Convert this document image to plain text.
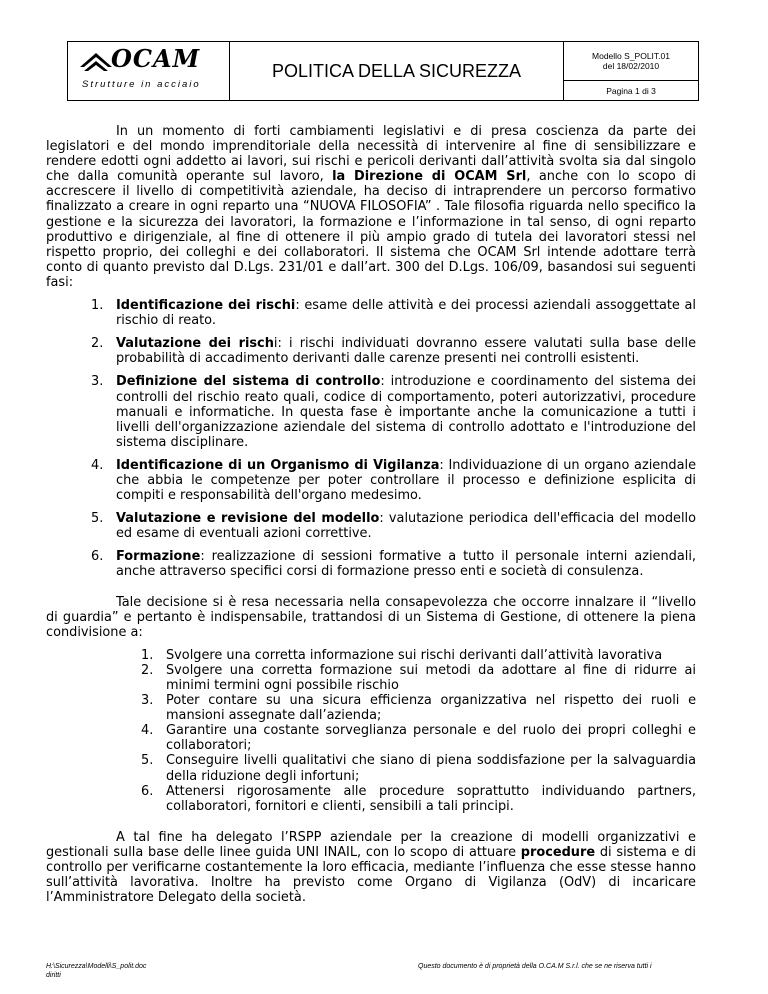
OCAM
Strutture in acciaio
POLITICA DELLA SICUREZZA
Modello S_POLIT.01
del 18/02/2010
Pagina 1 di 3

In un momento di forti cambiamenti legislativi e di presa coscienza da parte dei legislatori e del mondo imprenditoriale della necessità di intervenire al fine di sensibilizzare e rendere edotti ogni addetto ai lavori, sui rischi e pericoli derivanti dall’attività svolta sia dal singolo che dalla comunità operante sul lavoro, la Direzione di OCAM Srl, anche con lo scopo di accrescere il livello di competitività aziendale, ha deciso di intraprendere un percorso formativo finalizzato a creare in ogni reparto una “NUOVA FILOSOFIA” . Tale filosofia riguarda nello specifico la gestione e la sicurezza dei lavoratori, la formazione e l’informazione in tal senso, di ogni reparto produttivo e dirigenziale, al fine di ottenere il più ampio grado di tutela dei lavoratori stessi nel rispetto proprio, dei colleghi e dei collaboratori. Il sistema che OCAM Srl intende adottare terrà conto di quanto previsto dal D.Lgs. 231/01 e dall’art. 300 del D.Lgs. 106/09, basandosi sui seguenti fasi:

1. Identificazione dei rischi: esame delle attività e dei processi aziendali assoggettate al rischio di reato.
2. Valutazione dei rischi: i rischi individuati dovranno essere valutati sulla base delle probabilità di accadimento derivanti dalle carenze presenti nei controlli esistenti.
3. Definizione del sistema di controllo: introduzione e coordinamento del sistema dei controlli del rischio reato quali, codice di comportamento, poteri autorizzativi, procedure manuali e informatiche. In questa fase è importante anche la comunicazione a tutti i livelli dell'organizzazione aziendale del sistema di controllo adottato e l'introduzione del sistema disciplinare.
4. Identificazione di un Organismo di Vigilanza: Individuazione di un organo aziendale che abbia le competenze per poter controllare il processo e definizione esplicita di compiti e responsabilità dell'organo medesimo.
5. Valutazione e revisione del modello: valutazione periodica dell'efficacia del modello ed esame di eventuali azioni correttive.
6. Formazione: realizzazione di sessioni formative a tutto il personale interni aziendali, anche attraverso specifici corsi di formazione presso enti e società di consulenza.

Tale decisione si è resa necessaria nella consapevolezza che occorre innalzare il “livello di guardia” e pertanto è indispensabile, trattandosi di un Sistema di Gestione, di ottenere la piena condivisione a:

1. Svolgere una corretta informazione sui rischi derivanti dall’attività lavorativa
2. Svolgere una corretta formazione sui metodi da adottare al fine di ridurre ai minimi termini ogni possibile rischio
3. Poter contare su una sicura efficienza organizzativa nel rispetto dei ruoli e mansioni assegnate dall’azienda;
4. Garantire una costante sorveglianza personale e del ruolo dei propri colleghi e collaboratori;
5. Conseguire livelli qualitativi che siano di piena soddisfazione per la salvaguardia della riduzione degli infortuni;
6. Attenersi rigorosamente alle procedure soprattutto individuando partners, collaboratori, fornitori e clienti, sensibili a tali principi.

A tal fine ha delegato l’RSPP aziendale per la creazione di modelli organizzativi e gestionali sulla base delle linee guida UNI INAIL, con lo scopo di attuare procedure di sistema e di controllo per verificarne costantemente la loro efficacia, mediante l’influenza che esse stesse hanno sull’attività lavorativa. Inoltre ha previsto come Organo di Vigilanza (OdV) di incaricare l’Amministratore Delegato della società.

H:\Sicurezza\Modelli\S_polit.doc
diritti
Questo documento è di proprietà della O.CA.M S.r.l. che se ne riserva tutti i
